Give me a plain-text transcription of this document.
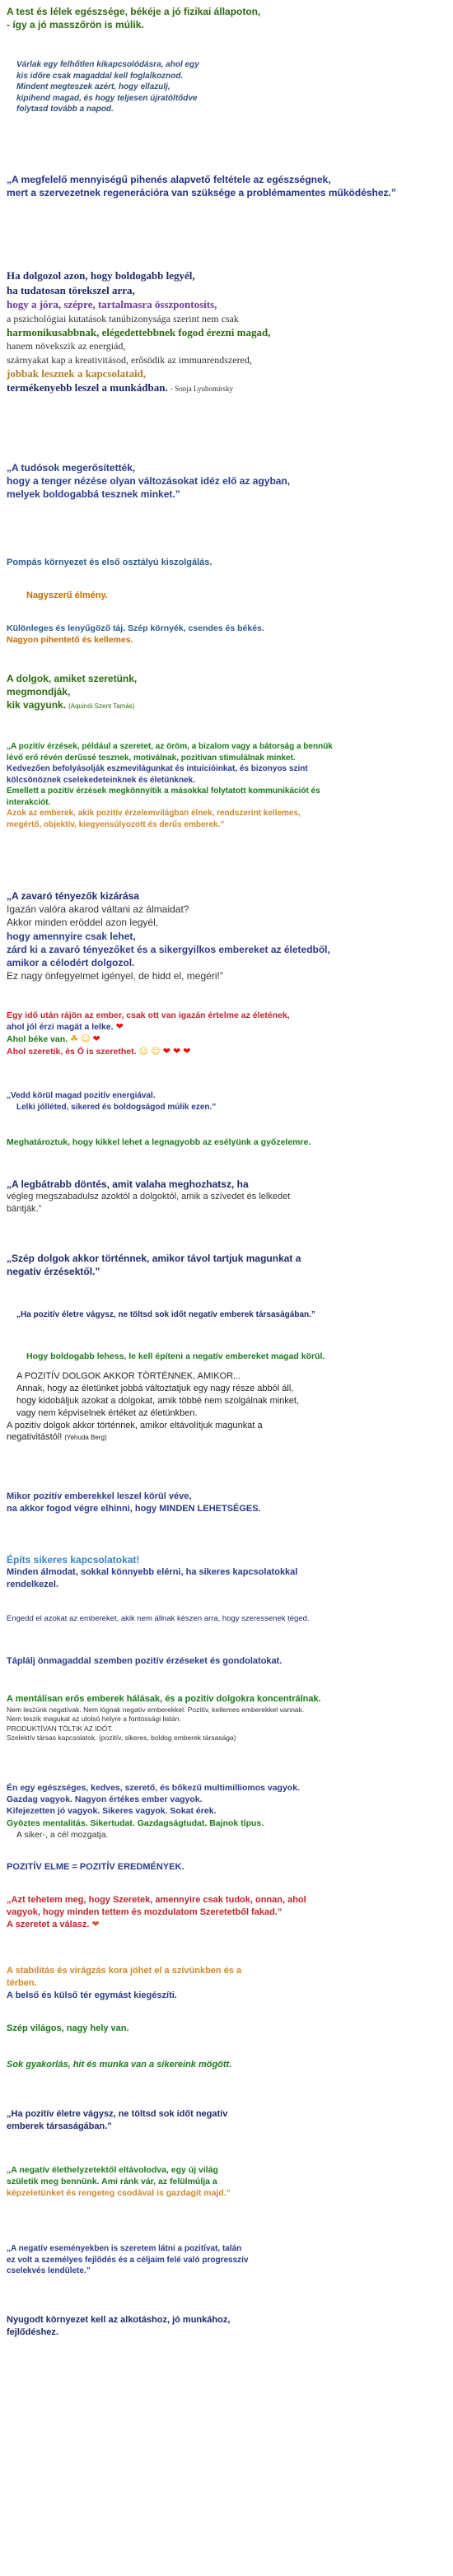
A test és lélek egészsége, békéje a jó fizikai állapoton,

- így a jó masszőrön is múlik.

Várlak egy felhőtlen kikapcsolódásra, ahol egy

kis időre csak magaddal kell foglalkoznod.

Mindent megteszek azért, hogy ellazulj,

kipihend magad, és hogy teljesen újratöltődve

folytasd tovább a napod.

„A megfelelő mennyiségű pihenés alapvető feltétele az egészségnek,

mert a szervezetnek regenerációra van szüksége a problémamentes működéshez.”

Ha dolgozol azon, hogy boldogabb legyél,

ha tudatosan törekszel arra,

hogy a jóra, szépre, tartalmasra összpontosíts,

a pszichológiai kutatások tanúbizonysága szerint nem csak

harmonikusabbnak, elégedettebbnek fogod érezni magad,

hanem növekszik az energiád,

szárnyakat kap a kreativitásod, erősödik az immunrendszered,

jobbak lesznek a kapcsolataid,

termékenyebb leszel a munkádban. - Sonja Lyubomirsky

„A tudósok megerősítették,

hogy a tenger nézése olyan változásokat idéz elő az agyban,

melyek boldogabbá tesznek minket.”

Pompás környezet és első osztályú kiszolgálás.

Nagyszerű élmény.

Különleges és lenyűgöző táj. Szép környék, csendes és békés.

Nagyon pihentető és kellemes.

A dolgok, amiket szeretünk,

megmondják,

kik vagyunk. (Aquinói Szent Tamás)

„A pozitív érzések, például a szeretet, az öröm, a bizalom vagy a bátorság a bennük

lévő erő révén derűssé tesznek, motiválnak, pozitívan stimulálnak minket.

Kedvezően befolyásolják eszmevilágunkat és intuícióinkat, és bizonyos szint

kölcsönöznek cselekedeteinknek és életünknek.

Emellett a pozitív érzések megkönnyítik a másokkal folytatott kommunikációt és

interakciót.

Azok az emberek, akik pozitív érzelemvilágban élnek, rendszerint kellemes,

megértő, objektív, kiegyensúlyozott és derűs emberek.”

„A zavaró tényezők kizárása

Igazán valóra akarod váltani az álmaidat?

Akkor minden eröddel azon legyél,

hogy amennyire csak lehet,

zárd ki a zavaró tényezőket és a sikergyilkos embereket az életedből,

amikor a célodért dolgozol.

Ez nagy önfegyelmet igényel, de hidd el, megéri!”

Egy idő után rájön az ember, csak ott van igazán értelme az életének,

ahol jól érzi magát a lelke. ❤

Ahol béke van. ☘ ☺ ❤

Ahol szeretik, és Ő is szerethet. ☺ ☺ ❤ ❤ ❤

„Vedd körül magad pozitív energiával.

Lelki jólléted, sikered és boldogságod múlik ezen.”

Meghatároztuk, hogy kikkel lehet a legnagyobb az esélyünk a győzelemre.

„A legbátrabb döntés, amit valaha meghozhatsz, ha

végleg megszabadulsz azoktól a dolgoktól, amik a szívedet és lelkedet

bántják.”

„Szép dolgok akkor történnek, amikor távol tartjuk magunkat a

negatív érzésektől.”

„Ha pozitív életre vágysz, ne töltsd sok időt negatív emberek társaságában.”

Hogy boldogabb lehess, le kell építeni a negatív embereket magad körül.

A POZITÍV DOLGOK AKKOR TÖRTÉNNEK, AMIKOR...

Annak, hogy az életünket jobbá változtatjuk egy nagy része abból áll,

hogy kidobáljuk azokat a dolgokat, amik többé nem szolgálnak minket,

vagy nem képviselnek értéket az életünkben.

A pozitív dolgok akkor történnek, amikor eltávolítjuk magunkat a

negativitástól! (Yehuda Berg)

Mikor pozitív emberekkel leszel körül véve,

na akkor fogod végre elhinni, hogy MINDEN LEHETSÉGES.

Építs sikeres kapcsolatokat!

Minden álmodat, sokkal könnyebb elérni, ha sikeres kapcsolatokkal

rendelkezel.

Engedd el azokat az embereket, akik nem állnak készen arra, hogy szeressenek téged.

Táplálj önmagaddal szemben pozitív érzéseket és gondolatokat.

A mentálisan erős emberek hálásak, és a pozitív dolgokra koncentrálnak.

Nem leszünk negatívak. Nem lógnak negatív emberekkel. Pozitív, kellemes emberekkel vannak.

Nem teszik magukat az utolsó helyre a fontossági listán.

PRODUKTÍVAN TÖLTIK AZ IDŐT.

Szelektív társas kapcsolatok. (pozitív, sikeres, boldog emberek társasága)

Én egy egészséges, kedves, szerető, és bőkezű multimilliomos vagyok.

Gazdag vagyok. Nagyon értékes ember vagyok.

Kifejezetten jó vagyok. Sikeres vagyok. Sokat érek.

Gyöztes mentalitás. Sikertudat. Gazdagságtudat. Bajnok típus.

A siker-, a cél mozgatja.

POZITÍV ELME = POZITÍV EREDMÉNYEK.

„Azt tehetem meg, hogy Szeretek, amennyire csak tudok, onnan, ahol

vagyok, hogy minden tettem és mozdulatom Szeretetből fakad.”

A szeretet a válasz. ❤

A stabilitás és virágzás kora jöhet el a szívünkben és a

térben.

A belső és külső tér egymást kiegészíti.

Szép világos, nagy hely van.

Sok gyakorlás, hit és munka van a sikereink mögött.

„Ha pozitív életre vágysz, ne töltsd sok időt negatív

emberek társaságában.”

„A negatív élethelyzetektől eltávolodva, egy új világ

születik meg bennünk. Ami ránk vár, az felülmúlja a

képzeletünket és rengeteg csodával is gazdagít majd.”

„A negatív eseményekben is szeretem látni a pozitívat, talán

ez volt a személyes fejlődés és a céljaim felé való progresszív

cselekvés lendülete.”

Nyugodt környezet kell az alkotáshoz, jó munkához,

fejlődéshez.
